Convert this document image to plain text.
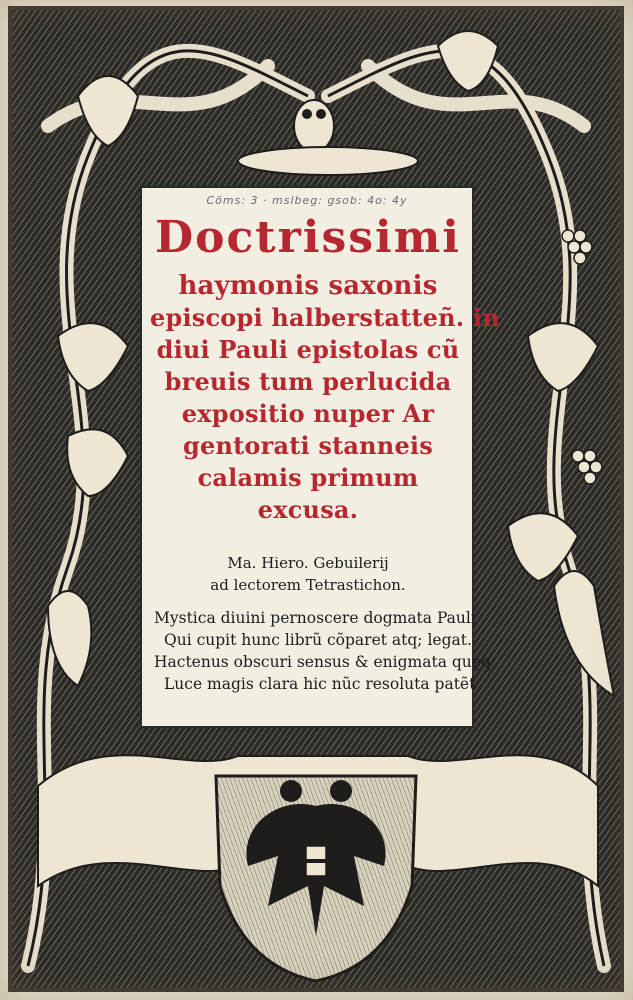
Cöms: 3 · mslbeg: gsob: 4o: 4y
Doctrissimi
haymonis saxonis
episcopi halberstatteñ. in
diui Pauli epistolas cũ
breuis tum perlucida
expositio nuper Ar
gentorati stanneis
calamis primum
excusa.
Ma. Hiero. Gebuilerij
ad lectorem Tetrastichon.
Mystica diuini pernoscere dogmata Pauli
Qui cupit hunc librũ cõparet atq; legat.
Hactenus obscuri sensus & enigmata quęq;
Luce magis clara hic nũc resoluta patẽt
